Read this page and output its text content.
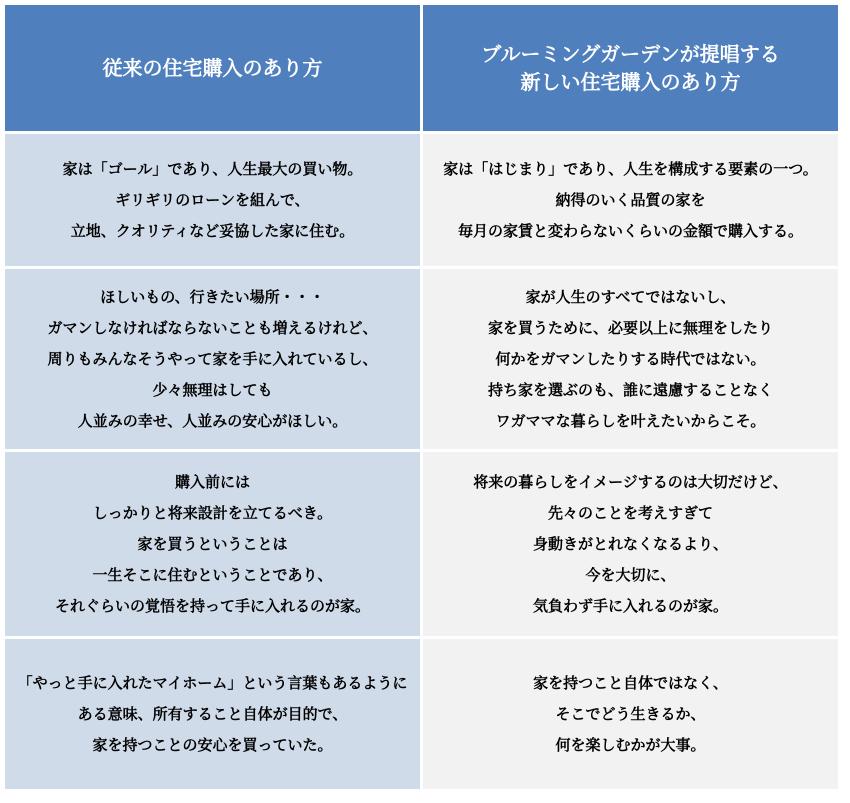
従来の住宅購入のあり方
ブルーミングガーデンが提唱する
新しい住宅購入のあり方
家は「ゴール」であり、人生最大の買い物。
ギリギリのローンを組んで、
立地、クオリティなど妥協した家に住む。
家は「はじまり」であり、人生を構成する要素の一つ。
納得のいく品質の家を
毎月の家賃と変わらないくらいの金額で購入する。
ほしいもの、行きたい場所・・・
ガマンしなければならないことも増えるけれど、
周りもみんなそうやって家を手に入れているし、
少々無理はしても
人並みの幸せ、人並みの安心がほしい。
家が人生のすべてではないし、
家を買うために、必要以上に無理をしたり
何かをガマンしたりする時代ではない。
持ち家を選ぶのも、誰に遠慮することなく
ワガママな暮らしを叶えたいからこそ。
購入前には
しっかりと将来設計を立てるべき。
家を買うということは
一生そこに住むということであり、
それぐらいの覚悟を持って手に入れるのが家。
将来の暮らしをイメージするのは大切だけど、
先々のことを考えすぎて
身動きがとれなくなるより、
今を大切に、
気負わず手に入れるのが家。
「やっと手に入れたマイホーム」という言葉もあるように
ある意味、所有すること自体が目的で、
家を持つことの安心を買っていた。
家を持つこと自体ではなく、
そこでどう生きるか、
何を楽しむかが大事。
